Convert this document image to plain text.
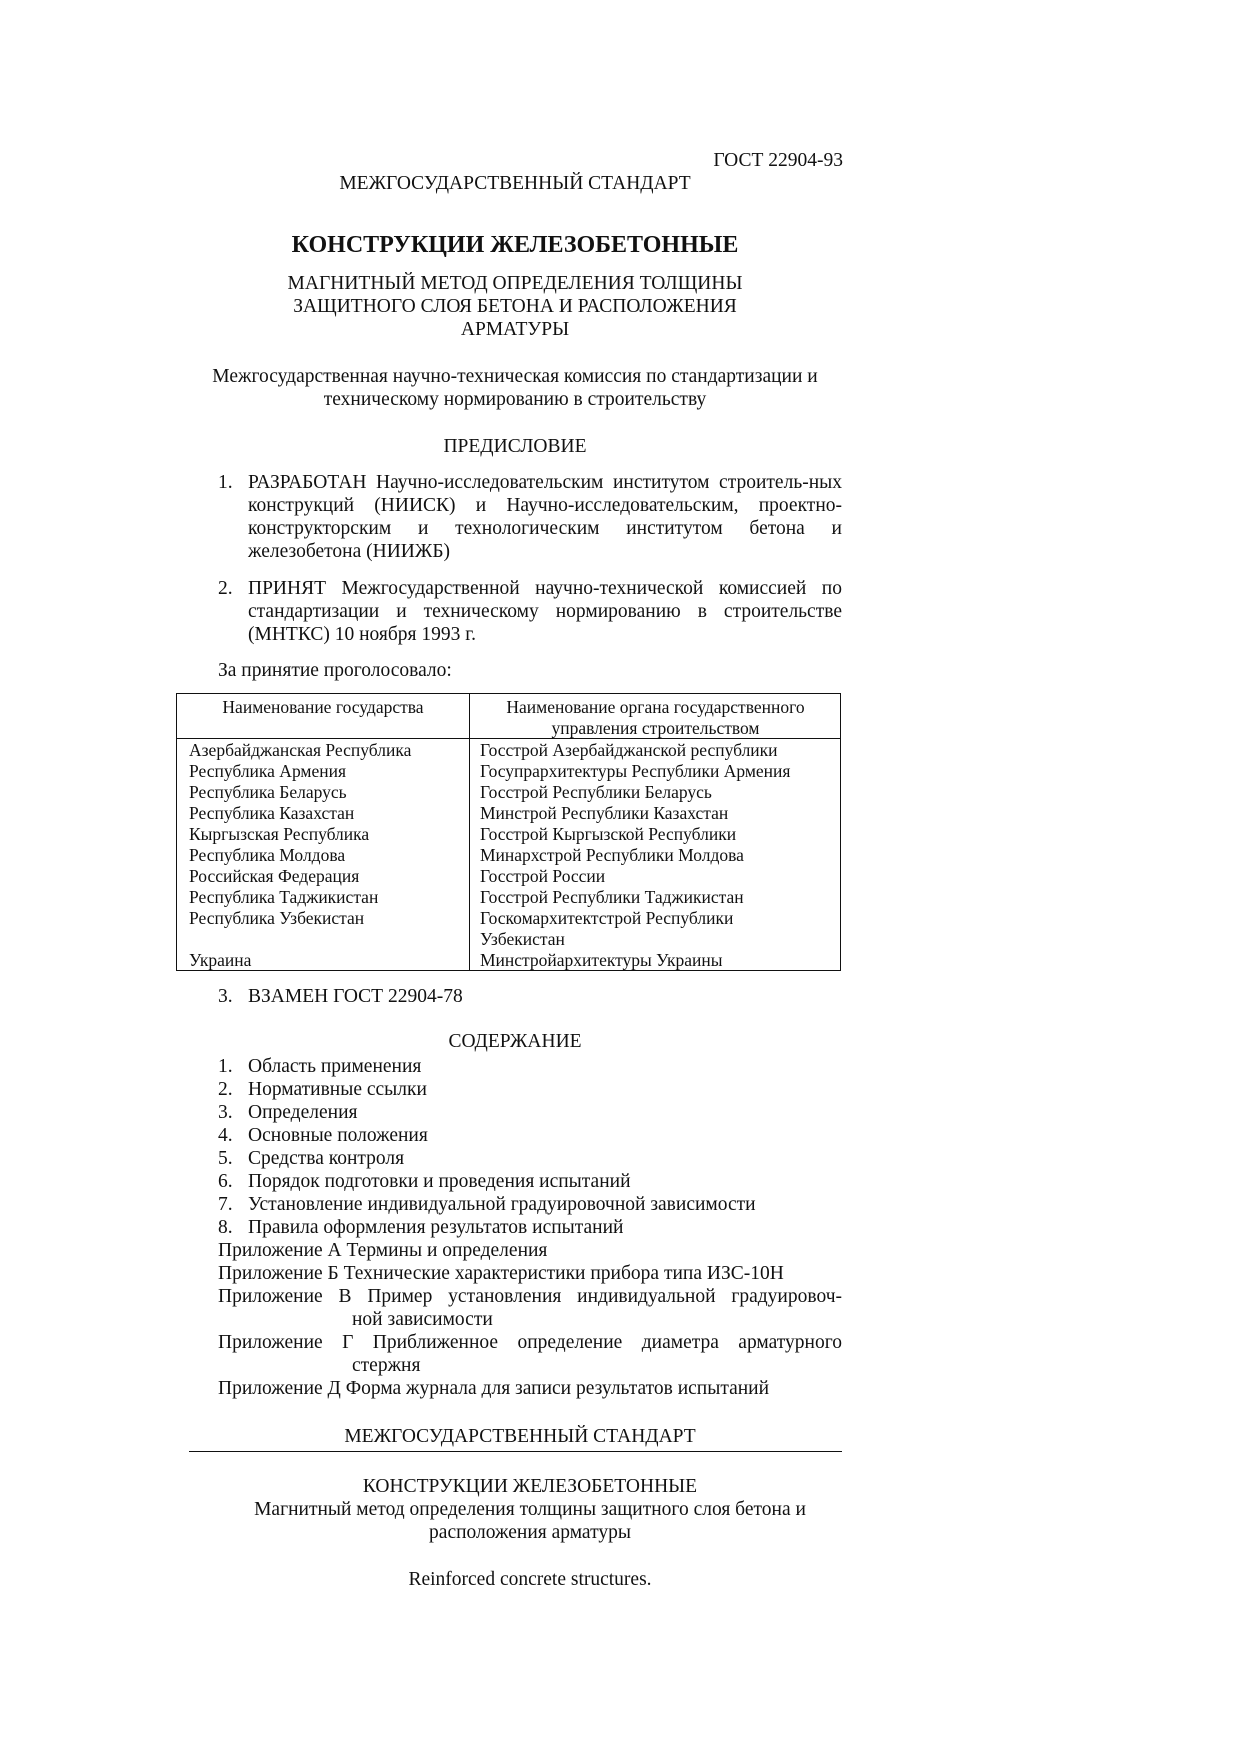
ГОСТ 22904-93
МЕЖГОСУДАРСТВЕННЫЙ СТАНДАРТ
КОНСТРУКЦИИ ЖЕЛЕЗОБЕТОННЫЕ
МАГНИТНЫЙ МЕТОД ОПРЕДЕЛЕНИЯ ТОЛЩИНЫ ЗАЩИТНОГО СЛОЯ БЕТОНА И РАСПОЛОЖЕНИЯ АРМАТУРЫ
Межгосударственная научно-техническая комиссия по стандартизации и техническому нормированию в строительству
ПРЕДИСЛОВИЕ
1. РАЗРАБОТАН Научно-исследовательским институтом строитель-ных конструкций (НИИСК) и Научно-исследовательским, проектно-конструкторским и технологическим институтом бетона и железобетона (НИИЖБ)
2. ПРИНЯТ Межгосударственной научно-технической комиссией по стандартизации и техническому нормированию в строительстве (МНТКС) 10 ноября 1993 г.
За принятие проголосовало:
Наименование государства	Наименование органа государственного управления строительством
Азербайджанская Республика	Госстрой Азербайджанской республики
Республика Армения	Госупрархитектуры Республики Армения
Республика Беларусь	Госстрой Республики Беларусь
Республика Казахстан	Минстрой Республики Казахстан
Кыргызская Республика	Госстрой Кыргызской Республики
Республика Молдова	Минархстрой Республики Молдова
Российская Федерация	Госстрой России
Республика Таджикистан	Госстрой Республики Таджикистан
Республика Узбекистан	Госкомархитектстрой Республики Узбекистан
Украина	Минстройархитектуры Украины
3. ВЗАМЕН ГОСТ 22904-78
СОДЕРЖАНИЕ
1. Область применения
2. Нормативные ссылки
3. Определения
4. Основные положения
5. Средства контроля
6. Порядок подготовки и проведения испытаний
7. Установление индивидуальной градуировочной зависимости
8. Правила оформления результатов испытаний
Приложение А Термины и определения
Приложение Б Технические характеристики прибора типа ИЗС-10Н
Приложение В Пример установления индивидуальной градуировоч-
ной зависимости
Приложение Г Приближенное определение диаметра арматурного
стержня
Приложение Д Форма журнала для записи результатов испытаний
МЕЖГОСУДАРСТВЕННЫЙ СТАНДАРТ
КОНСТРУКЦИИ ЖЕЛЕЗОБЕТОННЫЕ
Магнитный метод определения толщины защитного слоя бетона и расположения арматуры
Reinforced concrete structures.
